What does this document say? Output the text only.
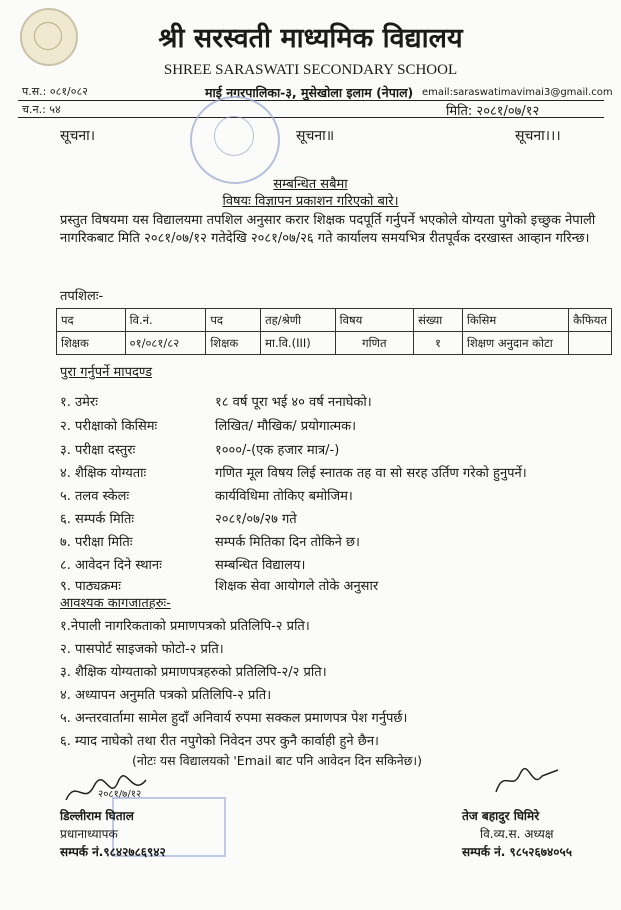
श्री सरस्वती माध्यमिक विद्यालय
SHREE SARASWATI SECONDARY SCHOOL
प.स.: ०८१/०८२
च.न.: ५४
माई नगरपालिका-३, मुसेखोला इलाम (नेपाल) email:saraswatimavimai3@gmail.com
मिति: २०८१/०७/१२
सूचना।	सूचना॥	सूचना।।।
सम्बन्धित सबैमा
विषयः विज्ञापन प्रकाशन गरिएको बारे।
प्रस्तुत विषयमा यस विद्यालयमा तपशिल अनुसार करार शिक्षक पदपूर्ति गर्नुपर्ने भएकोले योग्यता पुगेको इच्छुक नेपाली नागरिकबाट मिति २०८१/०७/१२ गतेदेखि २०८१/०७/२६ गते कार्यालय समयभित्र रीतपूर्वक दरखास्त आव्हान गरिन्छ।
तपशिलः-
पद	वि.नं.	पद	तह/श्रेणी	विषय	संख्या	किसिम	कैफियत
शिक्षक	०१/०८१/८२	शिक्षक	मा.वि.(III)	गणित	१	शिक्षण अनुदान कोटा	
पुरा गर्नुपर्ने मापदण्ड
१. उमेरः	१८ वर्ष पूरा भई ४० वर्ष ननाघेको।
२. परीक्षाको किसिमः	लिखित/ मौखिक/ प्रयोगात्मक।
३. परीक्षा दस्तुरः	१०००/-(एक हजार मात्र/-)
४. शैक्षिक योग्यताः	गणित मूल विषय लिई स्नातक तह वा सो सरह उर्तिण गरेको हुनुपर्ने।
५. तलव स्केलः	कार्यविधिमा तोकिए बमोजिम।
६. सम्पर्क मितिः	२०८१/०७/२७ गते
७. परीक्षा मितिः	सम्पर्क मितिका दिन तोकिने छ।
८. आवेदन दिने स्थानः	सम्बन्धित विद्यालय।
९. पाठ्यक्रमः	शिक्षक सेवा आयोगले तोके अनुसार
आवश्यक कागजातहरुः-
१.नेपाली नागरिकताको प्रमाणपत्रको प्रतिलिपि-२ प्रति।
२. पासपोर्ट साइजको फोटो-२ प्रति।
३. शैक्षिक योग्यताको प्रमाणपत्रहरुको प्रतिलिपि-२/२ प्रति।
४. अध्यापन अनुमति पत्रको प्रतिलिपि-२ प्रति।
५. अन्तरवार्तामा सामेल हुदाँ अनिवार्य रुपमा सक्कल प्रमाणपत्र पेश गर्नुपर्छ।
६. म्याद नाघेको तथा रीत नपुगेको निवेदन उपर कुनै कार्वाही हुने छैन।
(नोटः यस विद्यालयको 'Email बाट पनि आवेदन दिन सकिनेछ।)
२०८१/७/१२
डिल्लीराम घिताल
प्रधानाध्यापक
सम्पर्क नं.९८४२७८६९४२
तेज बहादुर घिमिरे
वि.व्य.स. अध्यक्ष
सम्पर्क नं. ९८५२६७४०५५
